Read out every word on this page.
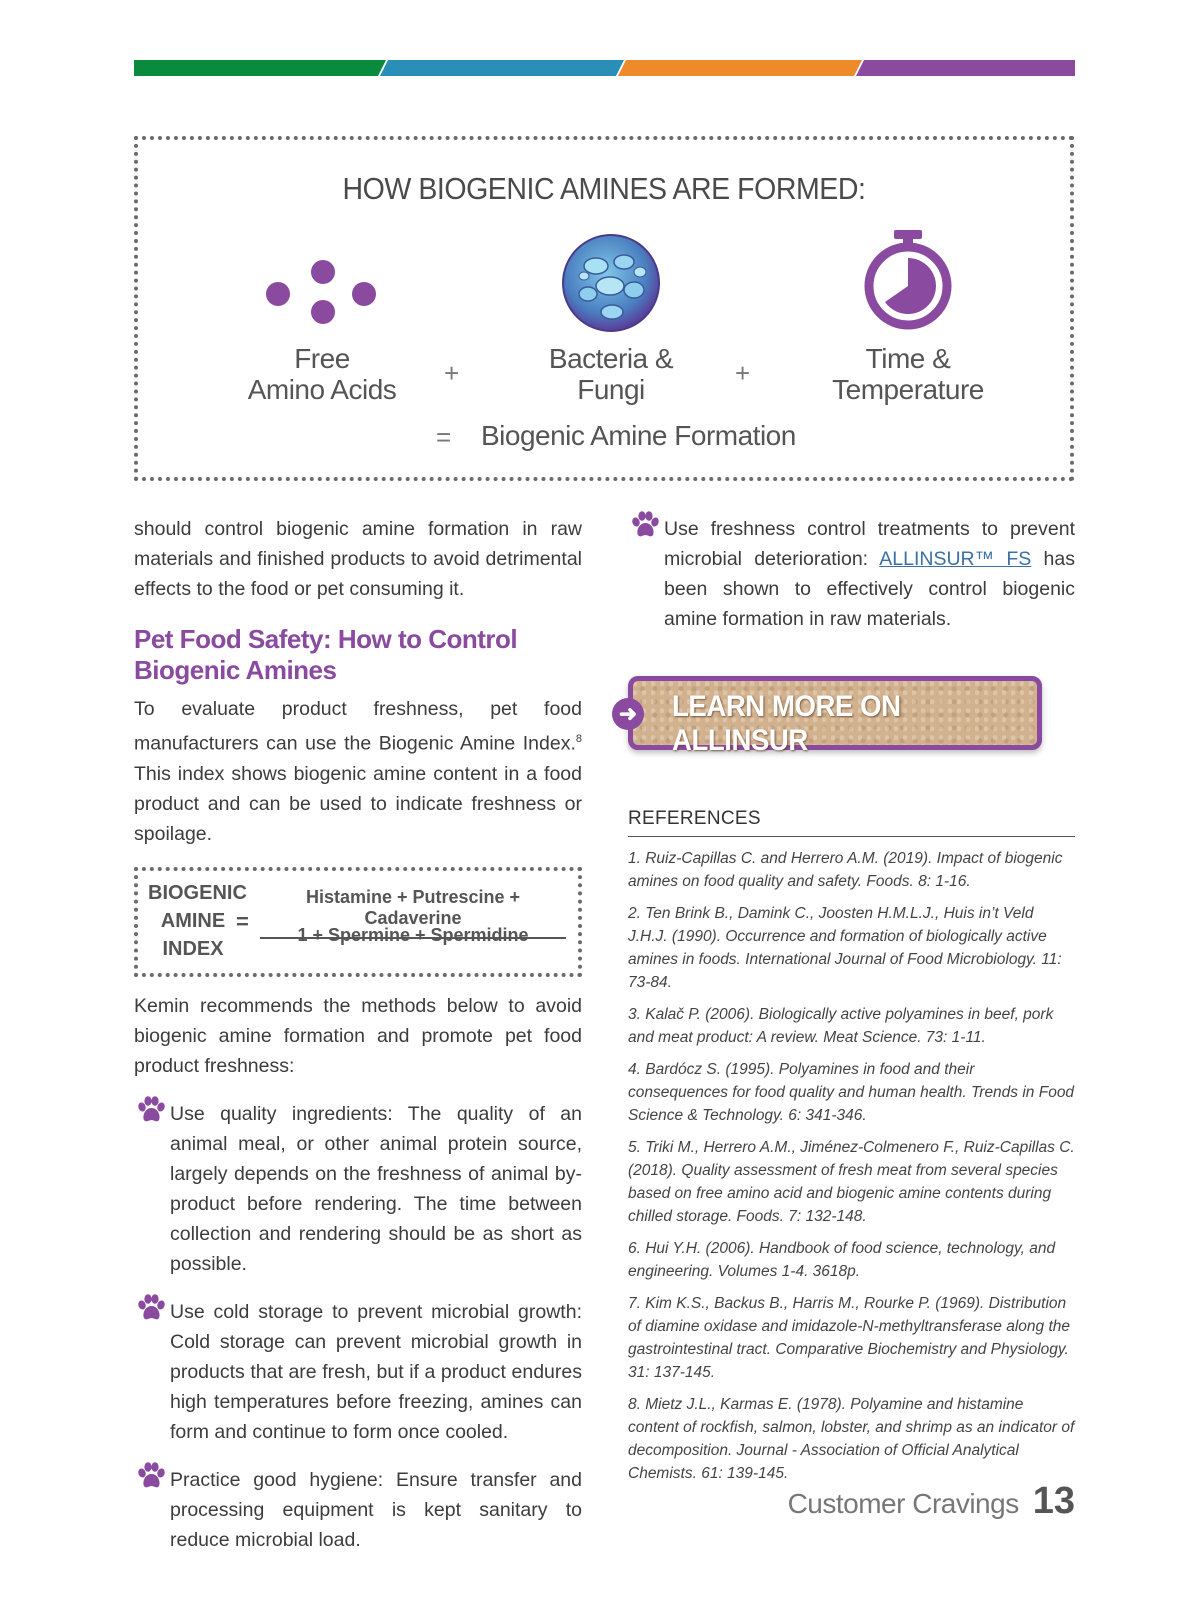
HOW BIOGENIC AMINES ARE FORMED:
Free
Amino Acids
+	Bacteria &
Fungi
+	Time &
Temperature
= Biogenic Amine Formation

should control biogenic amine formation in raw materials and finished products to avoid detrimental effects to the food or pet consuming it.

Pet Food Safety: How to Control
Biogenic Amines

To evaluate product freshness, pet food manufacturers can use the Biogenic Amine Index.$^8$ This index shows biogenic amine content in a food product and can be used to indicate freshness or spoilage.

BIOGENIC
AMINE
INDEX
=
Histamine + Putrescine + Cadaverine
1 + Spermine + Spermidine

Kemin recommends the methods below to avoid biogenic amine formation and promote pet food product freshness:

Use quality ingredients: The quality of an animal meal, or other animal protein source, largely depends on the freshness of animal by-product before rendering. The time between collection and rendering should be as short as possible.

Use cold storage to prevent microbial growth: Cold storage can prevent microbial growth in products that are fresh, but if a product endures high temperatures before freezing, amines can form and continue to form once cooled.

Practice good hygiene: Ensure transfer and processing equipment is kept sanitary to reduce microbial load.

Use freshness control treatments to prevent microbial deterioration: ALLINSUR™ FS has been shown to effectively control biogenic amine formation in raw materials.

➜ LEARN MORE ON ALLINSUR
REFERENCES

1. Ruiz-Capillas C. and Herrero A.M. (2019). Impact of biogenic amines on food quality and safety. Foods. 8: 1-16.

2. Ten Brink B., Damink C., Joosten H.M.L.J., Huis in’t Veld J.H.J. (1990). Occurrence and formation of biologically active amines in foods. International Journal of Food Microbiology. 11: 73-84.

3. Kalač P. (2006). Biologically active polyamines in beef, pork and meat product: A review. Meat Science. 73: 1-11.

4. Bardócz S. (1995). Polyamines in food and their consequences for food quality and human health. Trends in Food Science & Technology. 6: 341-346.

5. Triki M., Herrero A.M., Jiménez-Colmenero F., Ruiz-Capillas C. (2018). Quality assessment of fresh meat from several species based on free amino acid and biogenic amine contents during chilled storage. Foods. 7: 132-148.

6. Hui Y.H. (2006). Handbook of food science, technology, and engineering. Volumes 1-4. 3618p.

7. Kim K.S., Backus B., Harris M., Rourke P. (1969). Distribution of diamine oxidase and imidazole-N-methyltransferase along the gastrointestinal tract. Comparative Biochemistry and Physiology. 31: 137-145.

8. Mietz J.L., Karmas E. (1978). Polyamine and histamine content of rockfish, salmon, lobster, and shrimp as an indicator of decomposition. Journal - Association of Official Analytical Chemists. 61: 139-145.

Customer Cravings 13
